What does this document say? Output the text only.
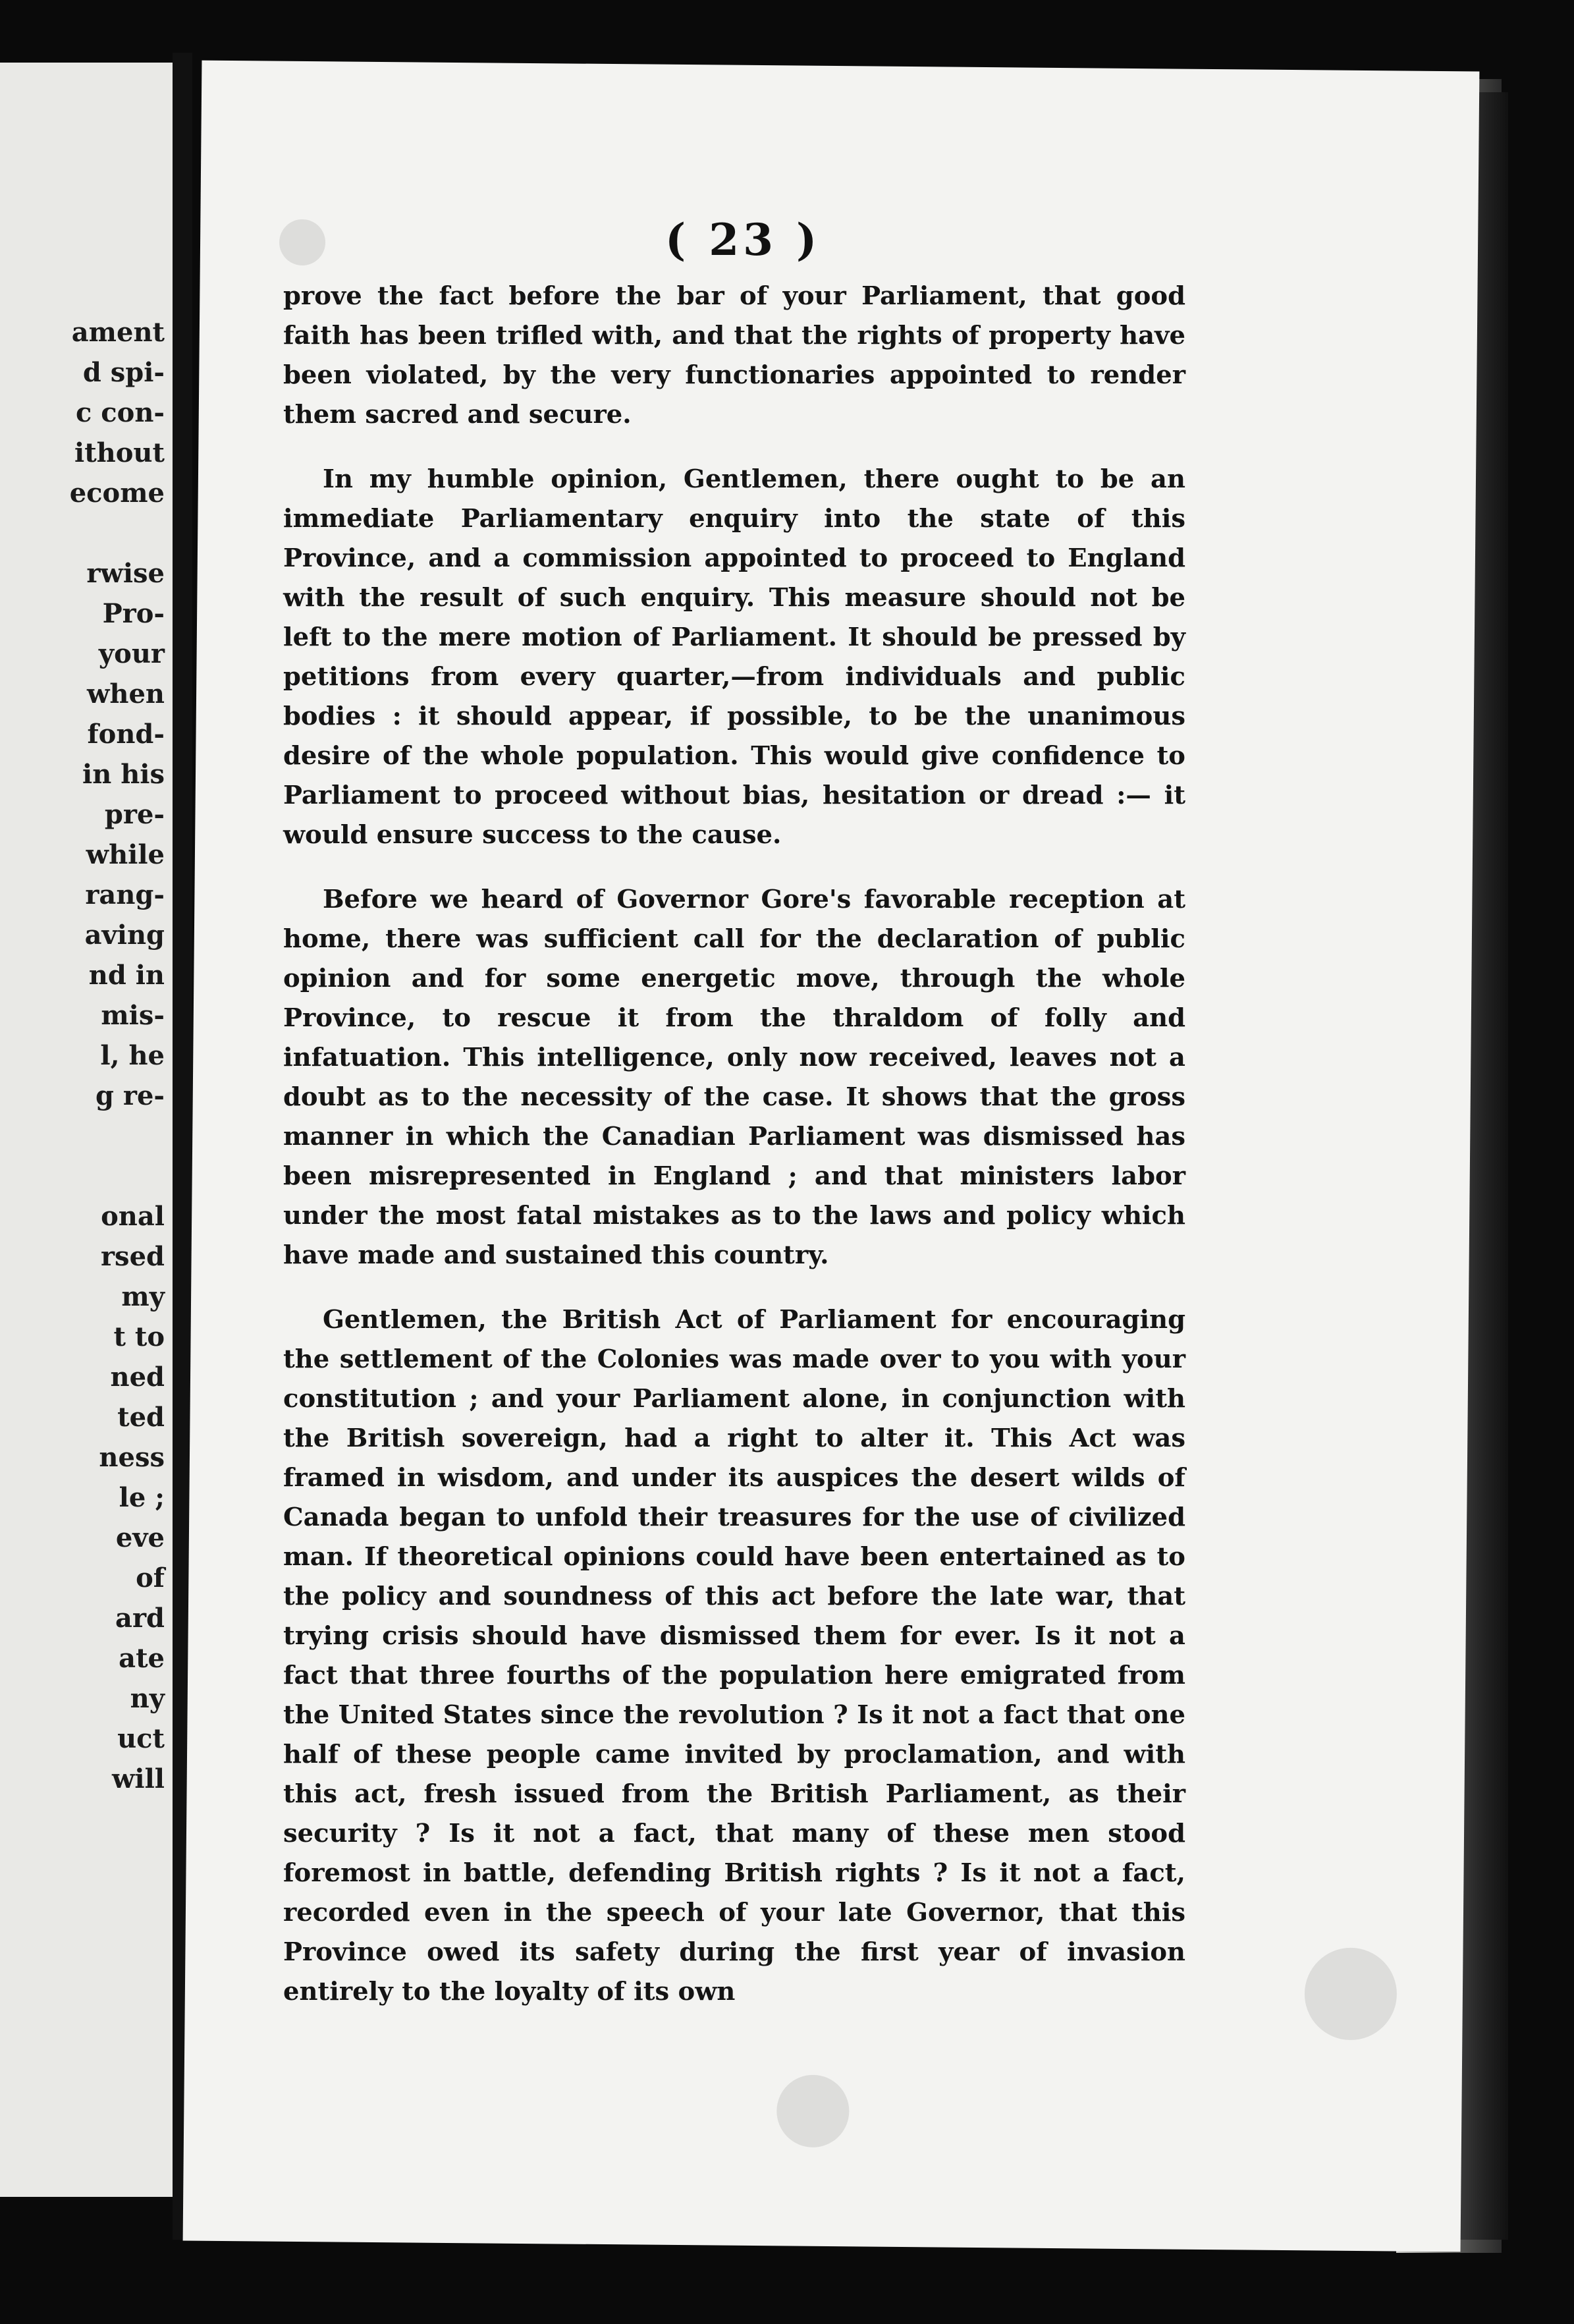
ament
d spi-
c con-
ithout
ecome
rwise
Pro-
your
when
fond-
in his
pre-
while
rang-
aving
nd in
mis-
l, he
g re-
onal
rsed
my
t to
ned
ted
ness
le ;
eve
of
ard
ate
ny
uct
will
( 23 )

prove the fact before the bar of your Parliament, that good faith has been trifled with, and that the rights of property have been violated, by the very functionaries appointed to render them sacred and secure.

In my humble opinion, Gentlemen, there ought to be an immediate Parliamentary enquiry into the state of this Province, and a commission appointed to proceed to England with the result of such enquiry. This measure should not be left to the mere motion of Parliament. It should be pressed by petitions from every quarter,—from individuals and public bodies : it should appear, if possible, to be the unanimous desire of the whole population. This would give confidence to Parliament to proceed without bias, hesitation or dread :— it would ensure success to the cause.

Before we heard of Governor Gore's favorable reception at home, there was sufficient call for the declaration of public opinion and for some energetic move, through the whole Province, to rescue it from the thraldom of folly and infatuation. This intelligence, only now received, leaves not a doubt as to the necessity of the case. It shows that the gross manner in which the Canadian Parliament was dismissed has been misrepresented in England ; and that ministers labor under the most fatal mistakes as to the laws and policy which have made and sustained this country.

Gentlemen, the British Act of Parliament for encouraging the settlement of the Colonies was made over to you with your constitution ; and your Parliament alone, in conjunction with the British sovereign, had a right to alter it. This Act was framed in wisdom, and under its auspices the desert wilds of Canada began to unfold their treasures for the use of civilized man. If theoretical opinions could have been entertained as to the policy and soundness of this act before the late war, that trying crisis should have dismissed them for ever. Is it not a fact that three fourths of the population here emigrated from the United States since the revolution ? Is it not a fact that one half of these people came invited by proclamation, and with this act, fresh issued from the British Parliament, as their security ? Is it not a fact, that many of these men stood foremost in battle, defending British rights ? Is it not a fact, recorded even in the speech of your late Governor, that this Province owed its safety during the first year of invasion entirely to the loyalty of its own
